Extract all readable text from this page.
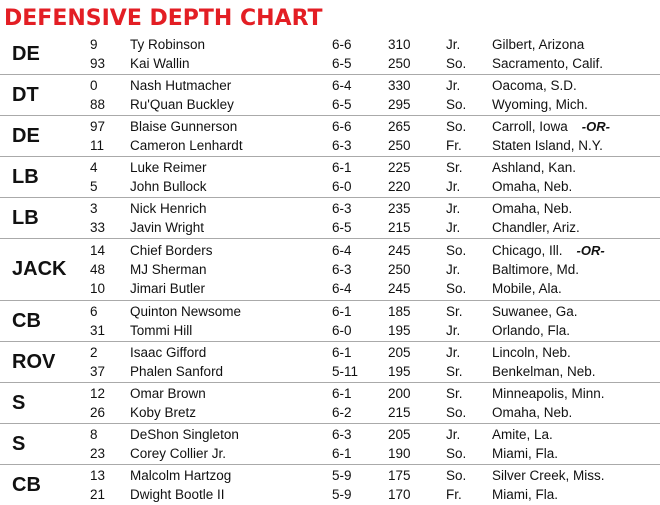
DEFENSIVE DEPTH CHART
DE	9 Ty Robinson	6-6	310	Jr. Gilbert, Arizona
93 Kai Wallin	6-5	250	So. Sacramento, Calif.
DT	0 Nash Hutmacher	6-4	330	Jr. Oacoma, S.D.
88 Ru'Quan Buckley	6-5	295	So. Wyoming, Mich.
DE	97 Blaise Gunnerson	6-6	265	So. Carroll, Iowa -OR-
11 Cameron Lenhardt	6-3	250	Fr. Staten Island, N.Y.
LB	4 Luke Reimer	6-1	225	Sr. Ashland, Kan.
5 John Bullock	6-0	220	Jr. Omaha, Neb.
LB	3 Nick Henrich	6-3	235	Jr. Omaha, Neb.
33 Javin Wright	6-5	215	Jr. Chandler, Ariz.
JACK
14 Chief Borders	6-4	245	So. Chicago, Ill. -OR-
48 MJ Sherman	6-3	250	Jr. Baltimore, Md.
10 Jimari Butler	6-4	245	So. Mobile, Ala.
CB	6 Quinton Newsome	6-1	185	Sr. Suwanee, Ga.
31 Tommi Hill	6-0	195	Jr. Orlando, Fla.
ROV	2 Isaac Gifford	6-1	205	Jr. Lincoln, Neb.
37 Phalen Sanford	5-11 195	Sr. Benkelman, Neb.
S	12 Omar Brown	6-1	200	Sr. Minneapolis, Minn.
26 Koby Bretz	6-2	215	So. Omaha, Neb.
S	8 DeShon Singleton	6-3	205	Jr. Amite, La.
23 Corey Collier Jr.	6-1	190	So. Miami, Fla.
CB	13 Malcolm Hartzog	5-9	175	So. Silver Creek, Miss.
21 Dwight Bootle II	5-9	170	Fr. Miami, Fla.
